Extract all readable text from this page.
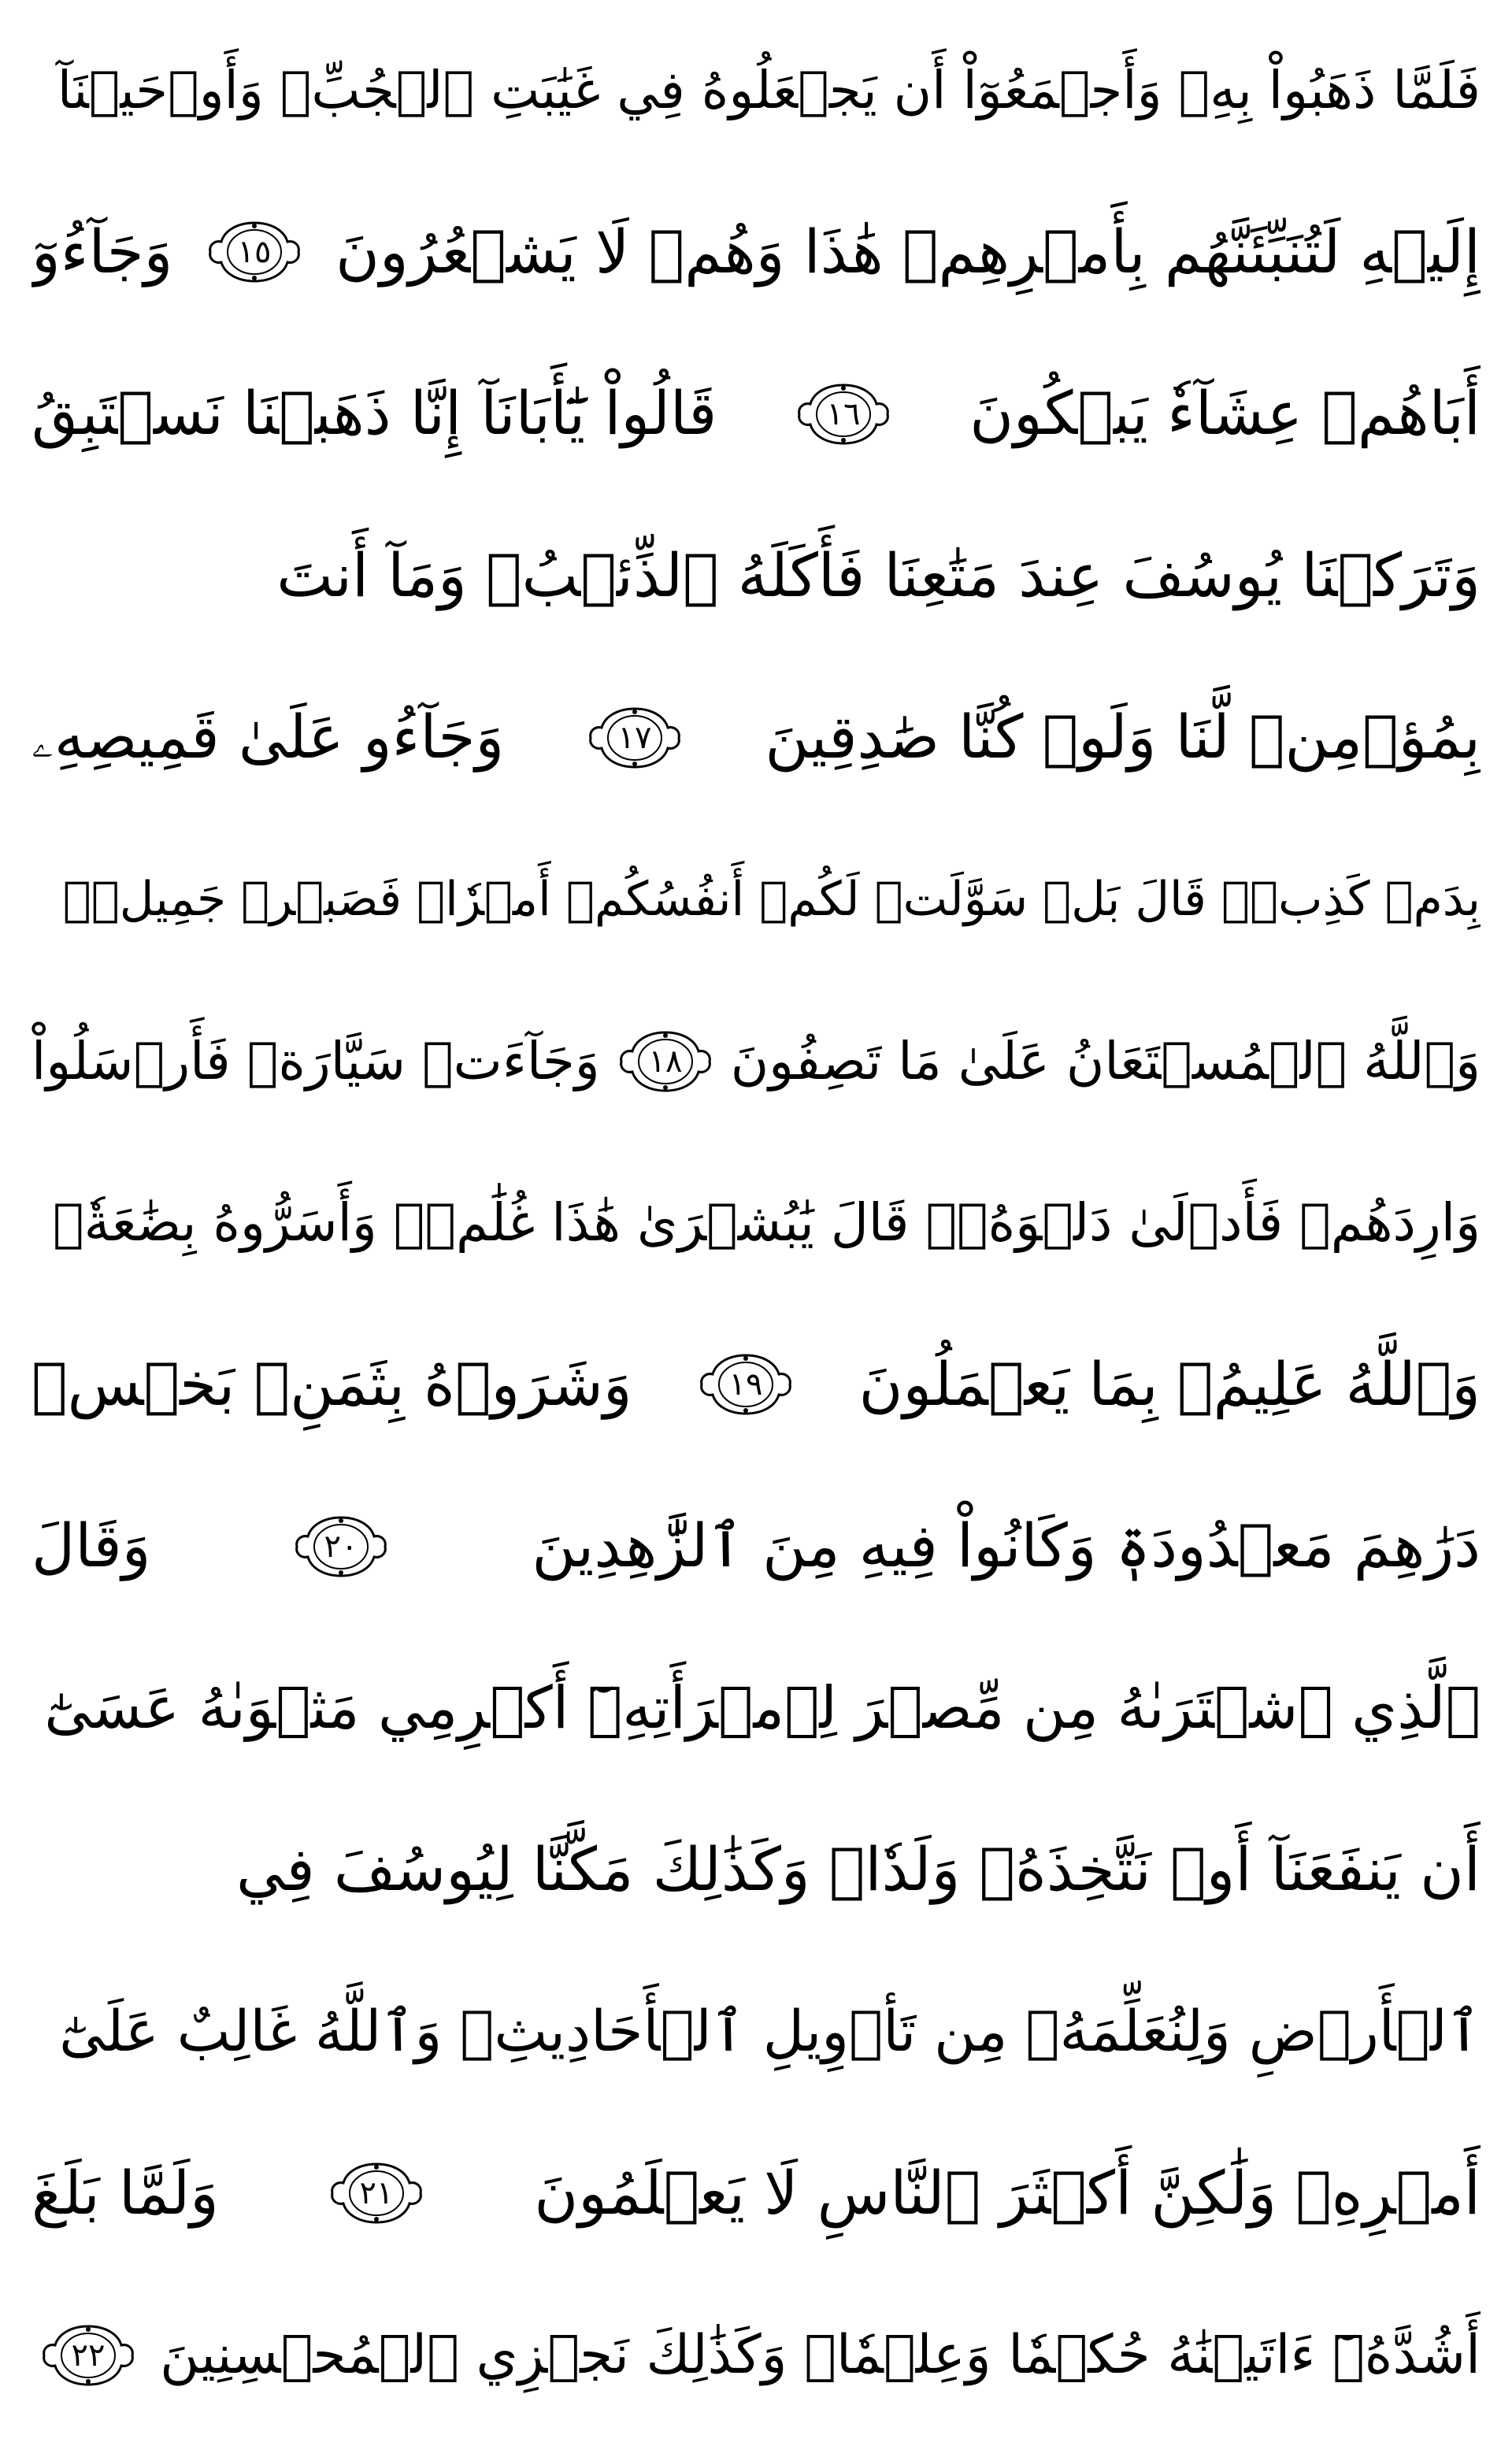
فَلَمَّا ذَهَبُواْ بِهِۦ وَأَجۡمَعُوٓاْ أَن يَجۡعَلُوهُ فِي غَيَٰبَتِ ٱلۡجُبِّۚ وَأَوۡحَيۡنَآ
إِلَيۡهِ لَتُنَبِّئَنَّهُم بِأَمۡرِهِمۡ هَٰذَا وَهُمۡ لَا يَشۡعُرُونَ
١٥
وَجَآءُوٓ
أَبَاهُمۡ عِشَآءٗ يَبۡكُونَ
١٦
قَالُواْ يَٰٓأَبَانَآ إِنَّا ذَهَبۡنَا نَسۡتَبِقُ
وَتَرَكۡنَا يُوسُفَ عِندَ مَتَٰعِنَا فَأَكَلَهُ ٱلذِّئۡبُۖ وَمَآ أَنتَ
بِمُؤۡمِنٖ لَّنَا وَلَوۡ كُنَّا صَٰدِقِينَ
١٧
وَجَآءُو عَلَىٰ قَمِيصِهِۦ
بِدَمٖ كَذِبٖۚ قَالَ بَلۡ سَوَّلَتۡ لَكُمۡ أَنفُسُكُمۡ أَمۡرٗاۖ فَصَبۡرٞ جَمِيلٞۖ
وَٱللَّهُ ٱلۡمُسۡتَعَانُ عَلَىٰ مَا تَصِفُونَ
١٨
وَجَآءَتۡ سَيَّارَةٞ فَأَرۡسَلُواْ
وَارِدَهُمۡ فَأَدۡلَىٰ دَلۡوَهُۥۖ قَالَ يَٰبُشۡرَىٰ هَٰذَا غُلَٰمٞۚ وَأَسَرُّوهُ بِضَٰعَةٗۚ
وَٱللَّهُ عَلِيمُۢ بِمَا يَعۡمَلُونَ
١٩
وَشَرَوۡهُ بِثَمَنِۭ بَخۡسٖ
دَرَٰهِمَ مَعۡدُودَةٖ وَكَانُواْ فِيهِ مِنَ ٱلزَّٰهِدِينَ
٢٠
وَقَالَ
ٱلَّذِي ٱشۡتَرَىٰهُ مِن مِّصۡرَ لِٱمۡرَأَتِهِۦٓ أَكۡرِمِي مَثۡوَىٰهُ عَسَىٰٓ
أَن يَنفَعَنَآ أَوۡ نَتَّخِذَهُۥ وَلَدٗاۚ وَكَذَٰلِكَ مَكَّنَّا لِيُوسُفَ فِي
ٱلۡأَرۡضِ وَلِنُعَلِّمَهُۥ مِن تَأۡوِيلِ ٱلۡأَحَادِيثِۚ وَٱللَّهُ غَالِبٌ عَلَىٰٓ
أَمۡرِهِۦ وَلَٰكِنَّ أَكۡثَرَ ٱلنَّاسِ لَا يَعۡلَمُونَ
٢١
وَلَمَّا بَلَغَ
أَشُدَّهُۥٓ ءَاتَيۡنَٰهُ حُكۡمٗا وَعِلۡمٗاۚ وَكَذَٰلِكَ نَجۡزِي ٱلۡمُحۡسِنِينَ
٢٢
